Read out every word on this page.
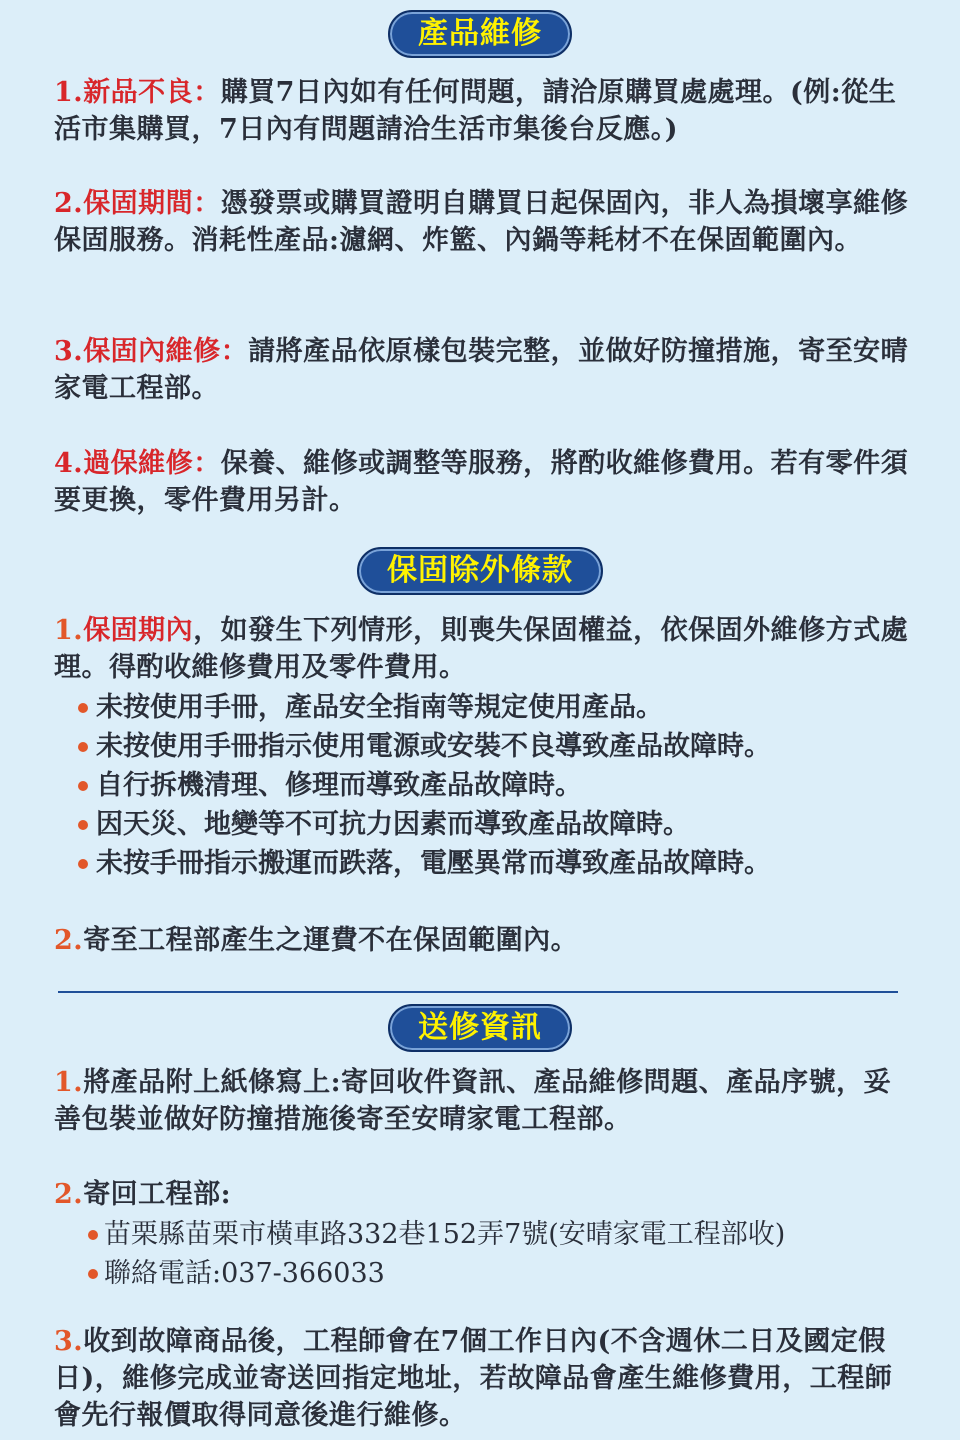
產品維修

1.新品不良：購買7日內如有任何問題，請洽原購買處處理。(例:從生活市集購買，7日內有問題請洽生活市集後台反應。)

2.保固期間：憑發票或購買證明自購買日起保固內，非人為損壞享維修保固服務。消耗性產品:濾網、炸籃、內鍋等耗材不在保固範圍內。

3.保固內維修：請將產品依原樣包裝完整，並做好防撞措施，寄至安晴家電工程部。

4.過保維修：保養、維修或調整等服務，將酌收維修費用。若有零件須要更換，零件費用另計。

保固除外條款

1.保固期內，如發生下列情形，則喪失保固權益，依保固外維修方式處理。得酌收維修費用及零件費用。

未按使用手冊，產品安全指南等規定使用產品。
未按使用手冊指示使用電源或安裝不良導致產品故障時。
自行拆機清理、修理而導致產品故障時。
因天災、地變等不可抗力因素而導致產品故障時。
未按手冊指示搬運而跌落，電壓異常而導致產品故障時。

2.寄至工程部產生之運費不在保固範圍內。

送修資訊

1.將產品附上紙條寫上:寄回收件資訊、產品維修問題、產品序號，妥善包裝並做好防撞措施後寄至安晴家電工程部。

2.寄回工程部:

苗栗縣苗栗市橫車路332巷152弄7號(安晴家電工程部收)
聯絡電話:037-366033

3.收到故障商品後，工程師會在7個工作日內(不含週休二日及國定假日)，維修完成並寄送回指定地址，若故障品會產生維修費用，工程師會先行報價取得同意後進行維修。
